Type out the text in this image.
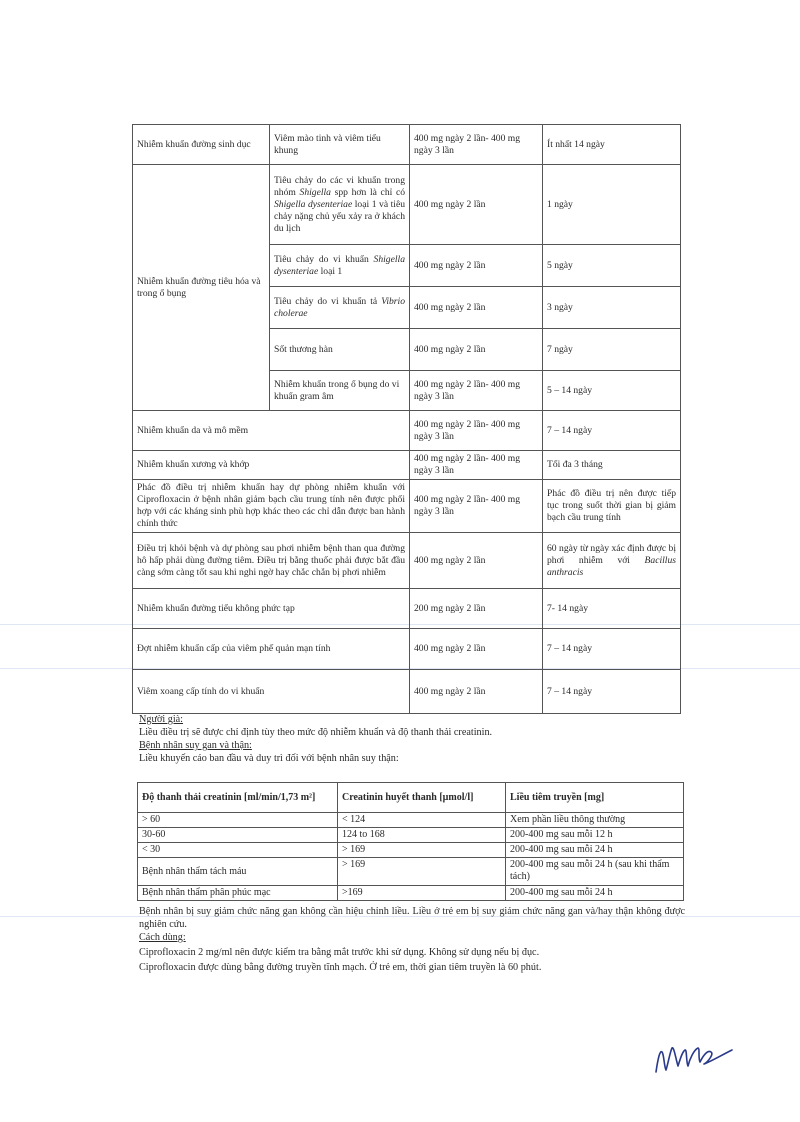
Nhiễm khuẩn đường sinh dục	Viêm mào tinh và viêm tiểu khung	400 mg ngày 2 lần- 400 mg ngày 3 lần	Ít nhất 14 ngày
Nhiễm khuẩn đường tiêu hóa và trong ổ bụng	Tiêu chảy do các vi khuẩn trong nhóm Shigella spp hơn là chỉ có Shigella dysenteriae loại 1 và tiêu chảy nặng chủ yếu xảy ra ở khách du lịch	400 mg ngày 2 lần	1 ngày
	Tiêu chảy do vi khuẩn Shigella dysenteriae loại 1	400 mg ngày 2 lần	5 ngày
	Tiêu chảy do vi khuẩn tả Vibrio cholerae	400 mg ngày 2 lần	3 ngày
	Sốt thương hàn	400 mg ngày 2 lần	7 ngày
	Nhiễm khuẩn trong ổ bụng do vi khuẩn gram âm	400 mg ngày 2 lần- 400 mg ngày 3 lần	5 – 14 ngày
Nhiễm khuẩn da và mô mềm		400 mg ngày 2 lần- 400 mg ngày 3 lần	7 – 14 ngày
Nhiễm khuẩn xương và khớp		400 mg ngày 2 lần- 400 mg ngày 3 lần	Tối đa 3 tháng
Phác đồ điều trị nhiễm khuẩn hay dự phòng nhiễm khuẩn với Ciprofloxacin ở bệnh nhân giảm bạch cầu trung tính nên được phối hợp với các kháng sinh phù hợp khác theo các chỉ dẫn được ban hành chính thức		400 mg ngày 2 lần- 400 mg ngày 3 lần	Phác đồ điều trị nên được tiếp tục trong suốt thời gian bị giảm bạch cầu trung tính
Điều trị khỏi bệnh và dự phòng sau phơi nhiễm bệnh than qua đường hô hấp phải dùng đường tiêm. Điều trị bằng thuốc phải được bắt đầu càng sớm càng tốt sau khi nghi ngờ hay chắc chắn bị phơi nhiễm		400 mg ngày 2 lần	60 ngày từ ngày xác định được bị phơi nhiễm với Bacillus anthracis
Nhiễm khuẩn đường tiểu không phức tạp		200 mg ngày 2 lần	7- 14 ngày
Đợt nhiễm khuẩn cấp của viêm phế quản mạn tính		400 mg ngày 2 lần	7 – 14 ngày
Viêm xoang cấp tính do vi khuẩn		400 mg ngày 2 lần	7 – 14 ngày
Người già:
Liều điều trị sẽ được chỉ định tùy theo mức độ nhiễm khuẩn và độ thanh thải creatinin.
Bệnh nhân suy gan và thận:
Liều khuyến cáo ban đầu và duy trì đối với bệnh nhân suy thận:
Độ thanh thải creatinin [ml/min/1,73 m²]	Creatinin huyết thanh [µmol/l]	Liều tiêm truyền [mg]
> 60	< 124	Xem phần liều thông thường
30-60	124 to 168	200-400 mg sau mỗi 12 h
< 30	> 169	200-400 mg sau mỗi 24 h
Bệnh nhân thẩm tách máu	> 169	200-400 mg sau mỗi 24 h (sau khi thẩm tách)
Bệnh nhân thẩm phân phúc mạc	>169	200-400 mg sau mỗi 24 h
Bệnh nhân bị suy giảm chức năng gan không cần hiệu chỉnh liều. Liều ở trẻ em bị suy giảm chức năng gan và/hay thận không được nghiên cứu.
Cách dùng:
Ciprofloxacin 2 mg/ml nên được kiểm tra bằng mắt trước khi sử dụng. Không sử dụng nếu bị đục.
Ciprofloxacin được dùng bằng đường truyền tĩnh mạch. Ở trẻ em, thời gian tiêm truyền là 60 phút.
